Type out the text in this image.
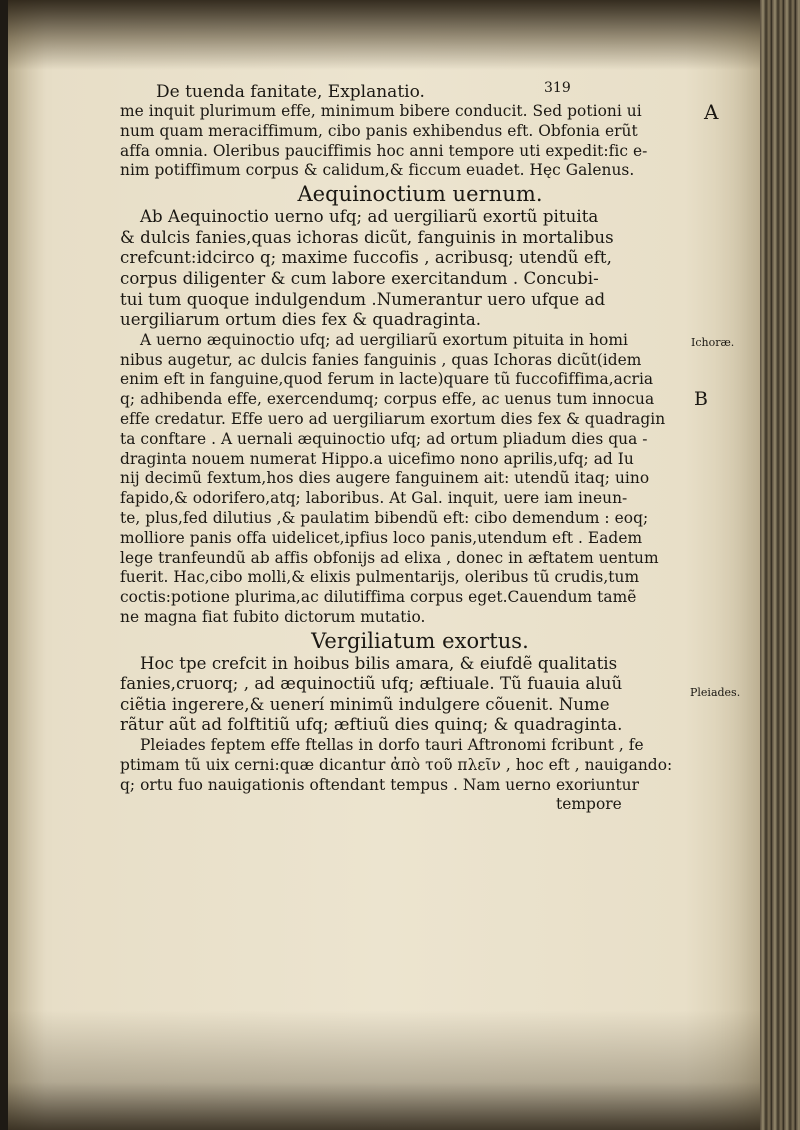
De tuenda fanitate, Explanatio.	319
me inquit plurimum effe, minimum bibere conducit. Sed potioni ui
num quam meraciffimum, cibo panis exhibendus eft. Obfonia erũt
affa omnia. Oleribus pauciffimis hoc anni tempore uti expedit:fic e-
nim potiffimum corpus & calidum,& ficcum euadet. Hęc Galenus.
Aequinoctium uernum.
Ab Aequinoctio uerno ufq; ad uergiliarũ exortũ pituita
& dulcis fanies,quas ichoras dicũt, fanguinis in mortalibus
crefcunt:idcirco q; maxime fuccofis , acribusq; utendũ eft,
corpus diligenter & cum labore exercitandum . Concubi-
tui tum quoque indulgendum .Numerantur uero ufque ad
uergiliarum ortum dies fex & quadraginta.
A uerno æquinoctio ufq; ad uergiliarũ exortum pituita in homi
nibus augetur, ac dulcis fanies fanguinis , quas Ichoras dicũt(idem
enim eft in fanguine,quod ferum in lacte)quare tũ fuccofiffima,acria
q; adhibenda effe, exercendumq; corpus effe, ac uenus tum innocua
effe credatur. Effe uero ad uergiliarum exortum dies fex & quadragin
ta conftare . A uernali æquinoctio ufq; ad ortum pliadum dies qua -
draginta nouem numerat Hippo.a uicefimo nono aprilis,ufq; ad Iu
nij decimũ fextum,hos dies augere fanguinem ait: utendũ itaq; uino
fapido,& odorifero,atq; laboribus. At Gal. inquit, uere iam ineun-
te, plus,fed dilutius ,& paulatim bibendũ eft: cibo demendum : eoq;
molliore panis offa uidelicet,ipfius loco panis,utendum eft . Eadem
lege tranfeundũ ab affis obfonijs ad elixa , donec in æftatem uentum
fuerit. Hac,cibo molli,& elixis pulmentarijs, oleribus tũ crudis,tum
coctis:potione plurima,ac dilutiffima corpus eget.Cauendum tamẽ
ne magna fiat fubito dictorum mutatio.
Vergiliatum exortus.
Hoc tpe crefcit in hoibus bilis amara, & eiufdẽ qualitatis
fanies,cruorq; , ad æquinoctiũ ufq; æftiuale. Tũ fuauia aluũ
ciẽtia ingerere,& uenerí minimũ indulgere cõuenit. Nume
rãtur aũt ad folftitiũ ufq; æftiuũ dies quinq; & quadraginta.
Pleiades feptem effe ftellas in dorfo tauri Aftronomi fcribunt , fe
ptimam tũ uix cerni:quæ dicantur ἀπὸ τοῦ πλεῖν , hoc eft , nauigando:
q; ortu fuo nauigationis oftendant tempus . Nam uerno exoriuntur
tempore
A
Ichoræ.
B
Pleiades.
